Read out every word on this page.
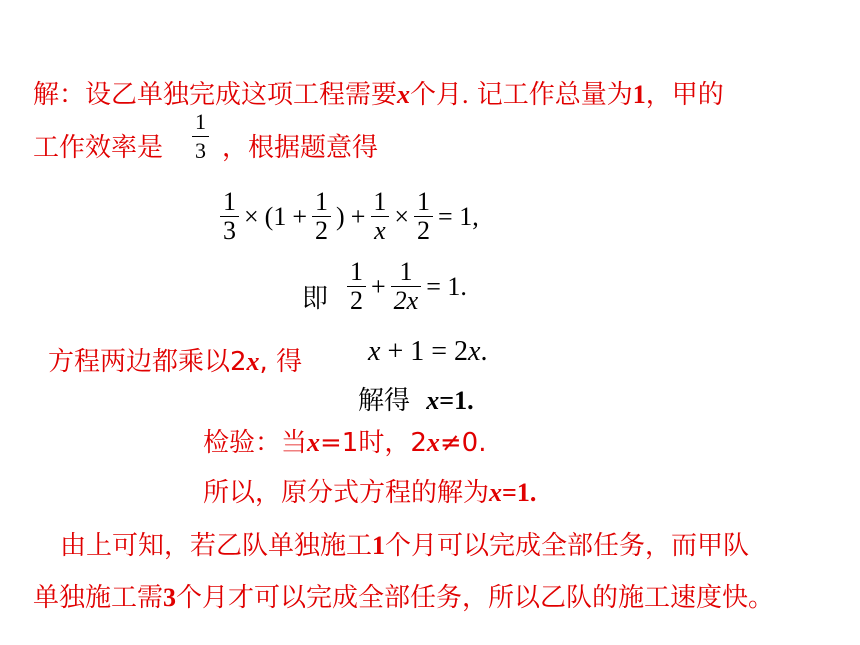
解：设乙单独完成这项工程需要x个月. 记工作总量为1，甲的
工作效率是 $\frac{1}{3}$ ，根据题意得
$\frac{1}{3} \times (1 + \frac{1}{2}$ ) + $\frac{1}{x} \times \frac{1}{2} = 1$,
即 $\frac{1}{2} + \frac{1}{2x} = 1$.
方程两边都乘以2x, 得 x + 1 = 2x.
解得 x=1.
检验：当x=1时，2x≠0.
所以，原分式方程的解为x=1.
由上可知，若乙队单独施工1个月可以完成全部任务，而甲队
单独施工需3个月才可以完成全部任务，所以乙队的施工速度快。
